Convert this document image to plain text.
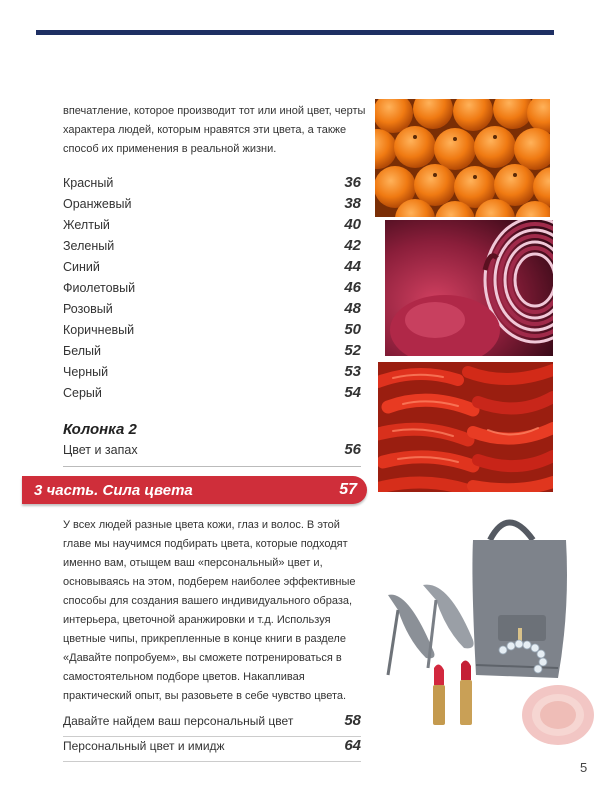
впечатление, которое производит тот или иной цвет, черты характера людей, которым нравятся эти цвета, а также способ их применения в реальной жизни.

Красный	36
Оранжевый	38
Желтый	40
Зеленый	42
Синий	44
Фиолетовый	46
Розовый	48
Коричневый	50
Белый	52
Черный	53
Серый	54
Колонка 2
Цвет и запах	56
3 часть. Сила цвета	57

У всех людей разные цвета кожи, глаз и волос. В этой главе мы научимся подбирать цвета, которые подходят именно вам, отыщем ваш «персональный» цвет и, основываясь на этом, подберем наиболее эффективные способы для создания вашего индивидуального образа, интерьера, цветочной аранжировки и т.д. Используя цветные чипы, прикрепленные в конце книги в разделе «Давайте попробуем», вы сможете потренироваться в самостоятельном подборе цветов. Накапливая практический опыт, вы разовьете в себе чувство цвета.

Давайте найдем ваш персональный цвет	58
Персональный цвет и имидж	64
5
